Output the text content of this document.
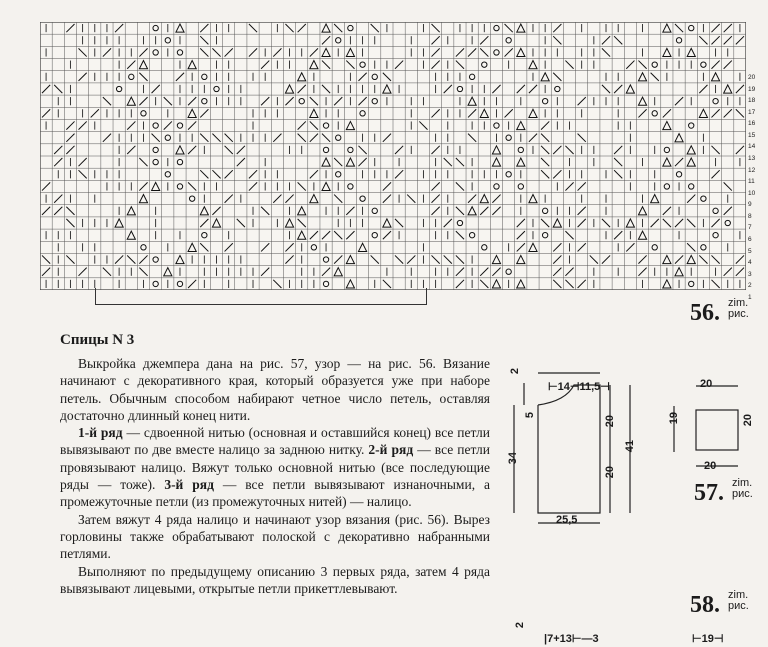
20
19
18
17
16
15
14
13
12
11
10
9
8
7
6
5
4
3
2
1
56. zim.
рис.
Спицы N 3

Выкройка джемпера дана на рис. 57, узор — на рис. 56. Вязание начинают с декоративного края, который образуется уже при наборе петель. Обычным способом набирают четное число петель, оставляя достаточно длинный конец нити.

1-й ряд — сдвоенной нитью (основная и оставшийся конец) все петли вывязывают по две вместе налицо за заднюю нитку. 2-й ряд — все петли провязывают налицо. Вяжут только основной нитью (все последующие ряды — тоже). 3-й ряд — все петли вывязывают изнаночными, а промежуточные петли (из промежуточных нитей) — налицо.

Затем вяжут 4 ряда налицо и начинают узор вязания (рис. 56). Вырез горловины также обрабатывают полоской с декоративно набранными петлями.

Выполняют по предыдущему описанию 3 первых ряда, затем 4 ряда вывязывают лицевыми, открытые петли прикеттлевывают.

⊢14⊣11,5⊣
2
5
34
20
20
41
25,5
20
19	20
20
57. zim.
рис.
58. zim.
рис.
2
|7+13⊢—3	⊢19⊣
